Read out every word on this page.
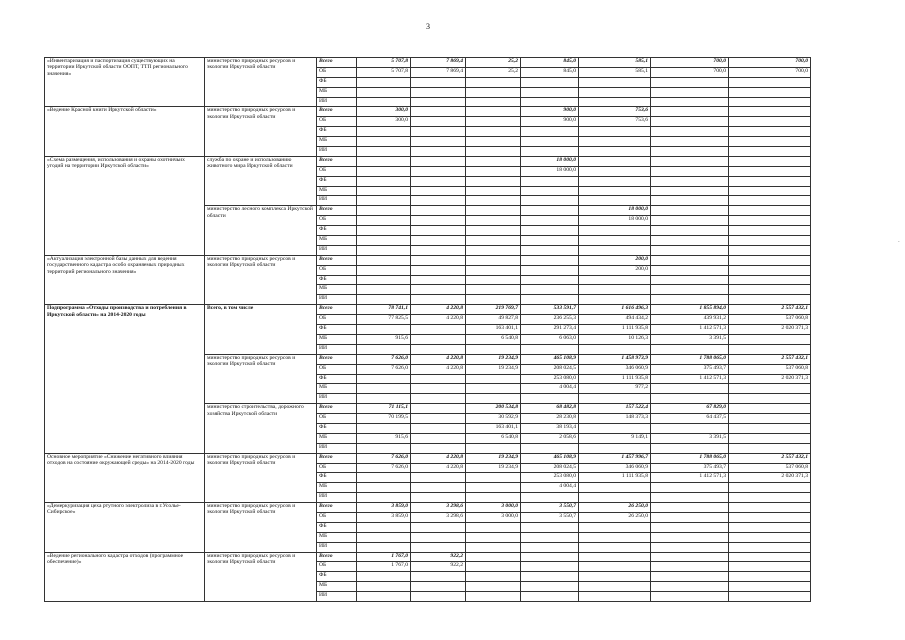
3
.
«Инвентаризация и паспортизация существующих на территории Иркутской области ООПТ, ТТП регионального значения»	министерство природных ресурсов и экологии Иркутской области	Всего	5 707,8	7 869,4	25,2	845,0	585,1	700,0	700,0
		ОБ	5 707,8	7 869,4	25,2	845,0	585,1	700,0	700,0
		ФБ							
		МБ							
		ИИ							
«Ведение Красной книги Иркутской области»	министерство природных ресурсов и экологии Иркутской области	Всего	300,0			900,0	753,6		
		ОБ	300,0			900,0	753,6		
		ФБ							
		МБ							
		ИИ							
«Схема размещения, использования и охраны охотничьих угодий на территории Иркутской области»	служба по охране и использованию животного мира Иркутской области	Всего				18 000,0			
		ОБ				18 000,0			
		ФБ							
		МБ							
		ИИ							
	министерство лесного комплекса Иркутской области	Всего					18 000,0		
		ОБ					18 000,0		
		ФБ							
		МБ							
		ИИ							
«Актуализация электронной базы данных для ведения государственного кадастра особо охраняемых природных территорий регионального значения»	министерство природных ресурсов и экологии Иркутской области	Всего					200,0		
		ОБ					200,0		
		ФБ							
		МБ							
		ИИ							
Подпрограмма «Отходы производства и потребления в Иркутской области» на 2014-2020 годы	Всего, в том числе	Всего	78 741,1	4 220,8	219 769,7	533 591,7	1 616 496,3	1 855 894,0	2 557 432,1
		ОБ	77 825,5	4 220,8	49 827,8	236 255,3	494 434,2	439 931,2	537 060,8
		ФБ			163 401,1	291 273,4	1 111 935,8	1 412 571,3	2 020 371,3
		МБ	915,6		6 540,8	6 063,0	10 126,3	3 391,5	
		ИИ							
	министерство природных ресурсов и экологии Иркутской области	Всего	7 626,0	4 220,8	19 234,9	465 108,9	1 458 973,9	1 788 065,0	2 557 432,1
		ОБ	7 626,0	4 220,8	19 234,9	208 024,5	346 060,9	375 493,7	537 060,8
		ФБ				253 080,0	1 111 935,8	1 412 571,3	2 020 371,3
		МБ				4 004,4	977,2		
		ИИ							
	министерство строительства, дорожного хозяйства Иркутской области	Всего	71 115,1		200 534,8	68 482,8	157 522,4	67 829,0	
		ОБ	70 199,5		30 592,9	28 230,8	148 373,3	64 437,5	
		ФБ			163 401,1	38 193,4			
		МБ	915,6		6 540,8	2 058,6	9 149,1	3 391,5	
		ИИ							
Основное мероприятие «Снижение негативного влияния отходов на состояние окружающей среды» на 2014-2020 годы	министерство природных ресурсов и экологии Иркутской области	Всего	7 626,0	4 220,8	19 234,9	465 108,9	1 457 996,7	1 788 065,0	2 557 432,1
		ОБ	7 626,0	4 220,8	19 234,9	208 024,5	346 060,9	375 493,7	537 060,8
		ФБ				253 080,0	1 111 935,8	1 412 571,3	2 020 371,3
		МБ				4 004,4			
		ИИ							
«Демеркуризация цеха ртутного электролиза в г.Усолье-Сибирское»	министерство природных ресурсов и экологии Иркутской области	Всего	3 859,0	3 298,6	3 000,0	3 550,7	26 250,0		
		ОБ	3 859,0	3 298,6	3 000,0	3 550,7	26 250,0		
		ФБ							
		МБ							
		ИИ							
«Ведение регионального кадастра отходов (программное обеспечение)»	министерство природных ресурсов и экологии Иркутской области	Всего	1 767,0	922,2					
		ОБ	1 767,0	922,2					
		ФБ							
		МБ							
		ИИ							
